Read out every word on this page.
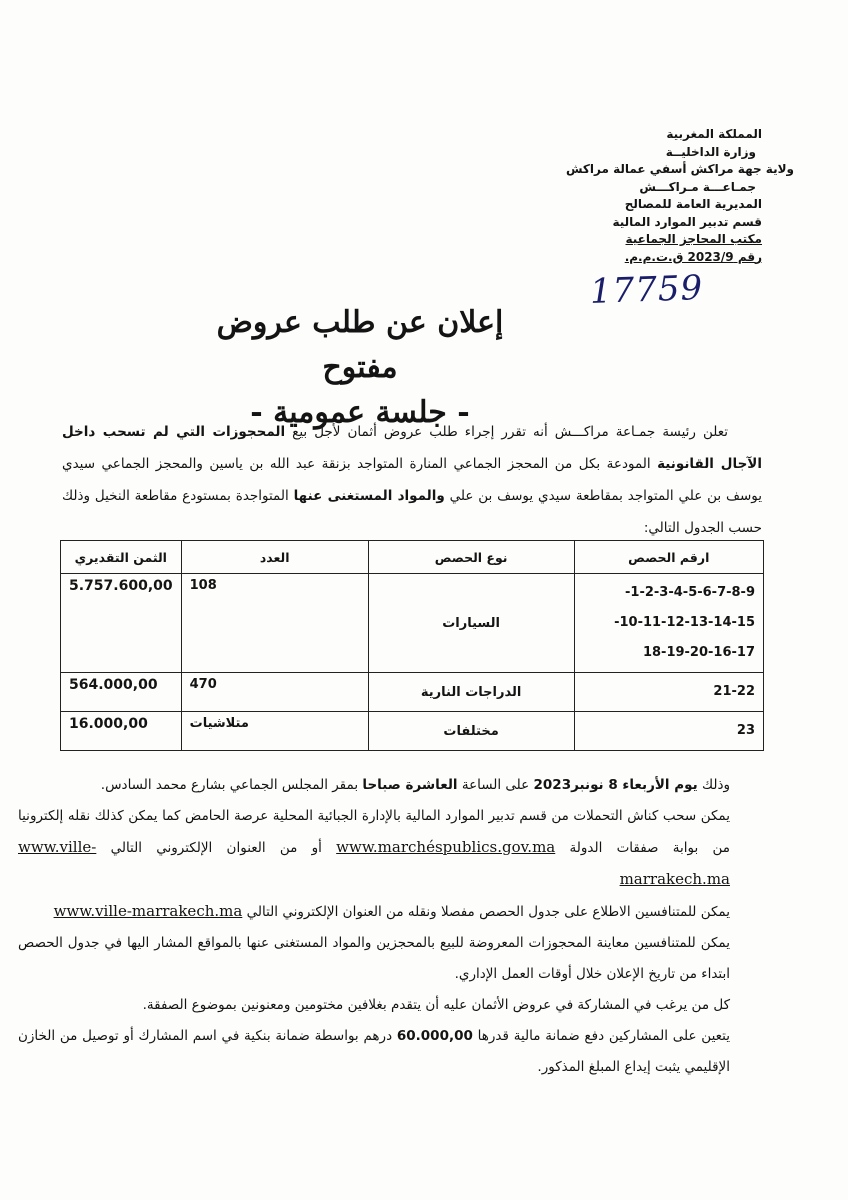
المملكة المغربية
وزارة الداخليــة
ولاية جهة مراكش أسفي عمالة مراكش
جمـاعـــة مـراكـــش
المديرية العامة للمصالح
قسم تدبير الموارد المالية
مكتب المحاجز الجماعية
رقم 2023/9 ق.ت.م.م.
17759
إعلان عن طلب عروض
مفتوح
- جلسة عمومية -
تعلن رئيسة جمـاعة مراكـــش أنه تقرر إجراء طلب عروض أثمان لأجل بيع المحجوزات التي لم تسحب داخل الآجال القانونية المودعة بكل من المحجز الجماعي المنارة المتواجد بزنقة عبد الله بن ياسين والمحجز الجماعي سيدي يوسف بن علي المتواجد بمقاطعة سيدي يوسف بن علي والمواد المستغنى عنها المتواجدة بمستودع مقاطعة النخيل وذلك حسب الجدول التالي:
ارقم الحصص	نوع الحصص	العدد	الثمن التقديري

-1-2-3-4-5-6-7-8-9
-10-11-12-13-14-15
18-19-20-16-17	السيارات	108	5.757.600,00
21-22	الدراجات النارية	470	564.000,00
23	مختلفات	متلاشيات	16.000,00

وذلك يوم الأربعاء 8 نونبر2023 على الساعة العاشرة صباحا بمقر المجلس الجماعي بشارع محمد السادس.

يمكن سحب كناش التحملات من قسم تدبير الموارد المالية بالإدارة الجبائية المحلية عرصة الحامض كما يمكن كذلك نقله إلكترونيا من بوابة صفقات الدولة www.marchéspublics.gov.ma أو من العنوان الإلكتروني التالي www.ville-marrakech.ma

يمكن للمتنافسين الاطلاع على جدول الحصص مفصلا ونقله من العنوان الإلكتروني التالي www.ville-marrakech.ma

يمكن للمتنافسين معاينة المحجوزات المعروضة للبيع بالمحجزين والمواد المستغنى عنها بالمواقع المشار اليها في جدول الحصص ابتداء من تاريخ الإعلان خلال أوقات العمل الإداري.

كل من يرغب في المشاركة في عروض الأثمان عليه أن يتقدم بغلافين مختومين ومعنونين بموضوع الصفقة.

يتعين على المشاركين دفع ضمانة مالية قدرها 60.000,00 درهم بواسطة ضمانة بنكية في اسم المشارك أو توصيل من الخازن الإقليمي يثبت إيداع المبلغ المذكور.
